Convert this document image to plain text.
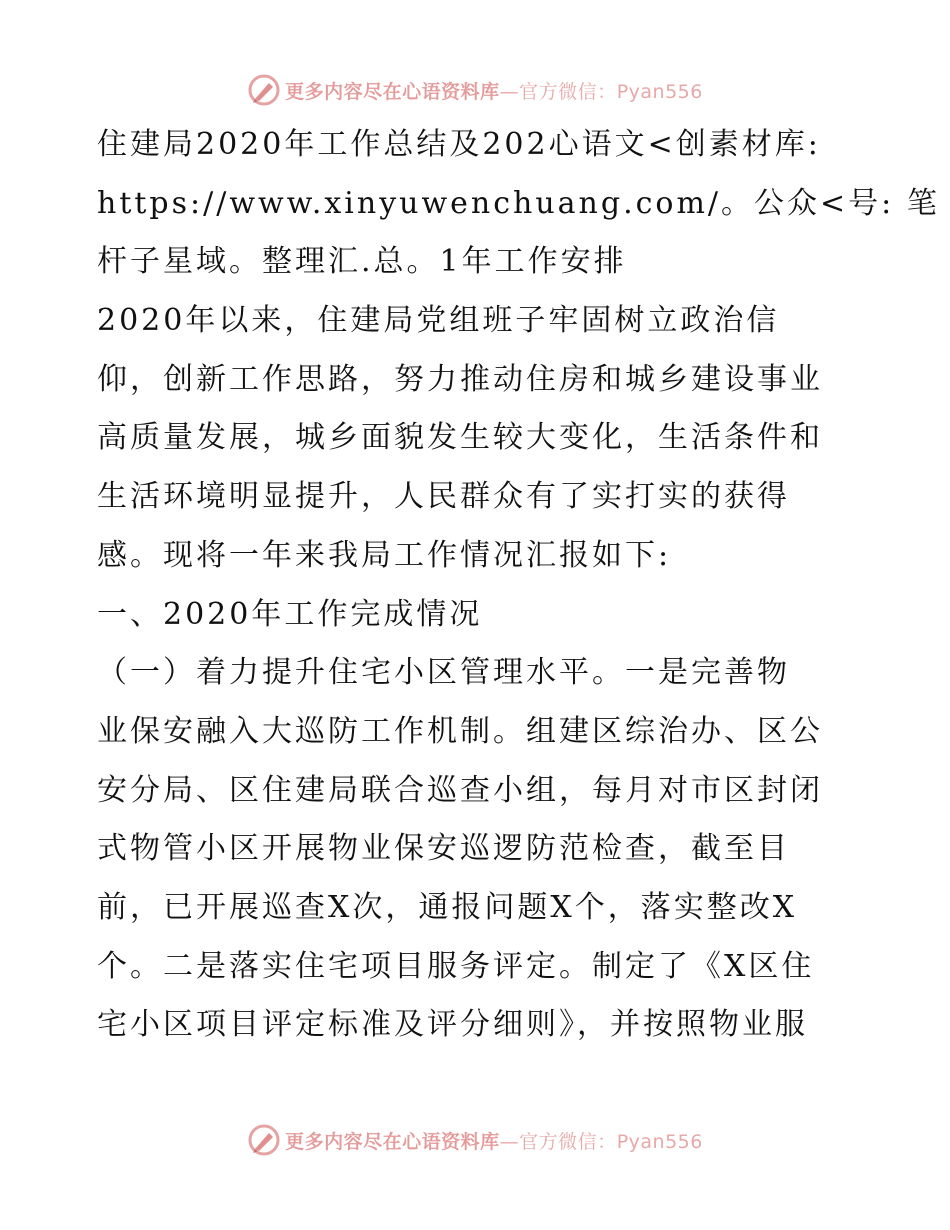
更多内容尽在心语资料库—官方微信：Pyan556
住建局2020年工作总结及202心语文<创素材库:
https://www.xinyuwenchuang.com/。公众<号: 笔
杆子星域。整理汇.总。1年工作安排
2020年以来，住建局党组班子牢固树立政治信
仰，创新工作思路，努力推动住房和城乡建设事业
高质量发展，城乡面貌发生较大变化，生活条件和
生活环境明显提升，人民群众有了实打实的获得
感。现将一年来我局工作情况汇报如下:
一、2020年工作完成情况
（一）着力提升住宅小区管理水平。一是完善物
业保安融入大巡防工作机制。组建区综治办、区公
安分局、区住建局联合巡查小组，每月对市区封闭
式物管小区开展物业保安巡逻防范检查，截至目
前，已开展巡查X次，通报问题X个，落实整改X
个。二是落实住宅项目服务评定。制定了《X区住
宅小区项目评定标准及评分细则》，并按照物业服
更多内容尽在心语资料库—官方微信：Pyan556
